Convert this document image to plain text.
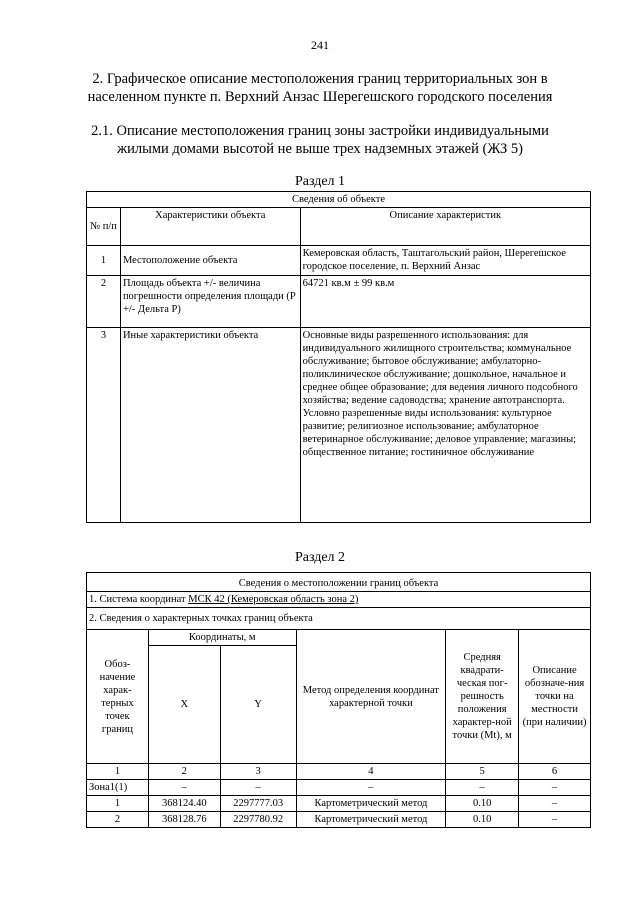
241
2. Графическое описание местоположения границ территориальных зон в населенном пункте п. Верхний Анзас Шерегешского городского поселения
2.1. Описание местоположения границ зоны застройки индивидуальными жилыми домами высотой не выше трех надземных этажей (ЖЗ 5)
Раздел 1
Сведения об объекте		
№ п/п	Характеристики объекта	Описание характеристик
1	Местоположение объекта	Кемеровская область, Таштагольский район, Шерегешское городское поселение, п. Верхний Анзас
2	Площадь объекта +/- величина погрешности определения площади (Р +/- Дельта Р)	64721 кв.м ± 99 кв.м
3	Иные характеристики объекта	Основные виды разрешенного использования: для индивидуального жилищного строительства; коммунальное обслуживание; бытовое обслуживание; амбулаторно-поликлиническое обслуживание; дошкольное, начальное и среднее общее образование; для ведения личного подсобного хозяйства; ведение садоводства; хранение автотранспорта.
Условно разрешенные виды использования: культурное развитие; религиозное использование; амбулаторное ветеринарное обслуживание; деловое управление; магазины; общественное питание; гостиничное обслуживание
Раздел 2
Сведения о местоположении границ объекта					
1. Система координат МСК 42 (Кемеровская область зона 2)					
2. Сведения о характерных точках границ объекта					
Обоз-начение харак-терных точек границ	Координаты, м		Метод определения координат характерной точки	Средняя квадрати-ческая пог-решность положения характер-ной точки (Mt), м	Описание обозначе-ния точки на местности (при наличии)
	X	Y			
1	2	3	4	5	6
Зона1(1)	–	–	–	–	–
1	368124.40	2297777.03	Картометрический метод	0.10	–
2	368128.76	2297780.92	Картометрический метод	0.10	–
